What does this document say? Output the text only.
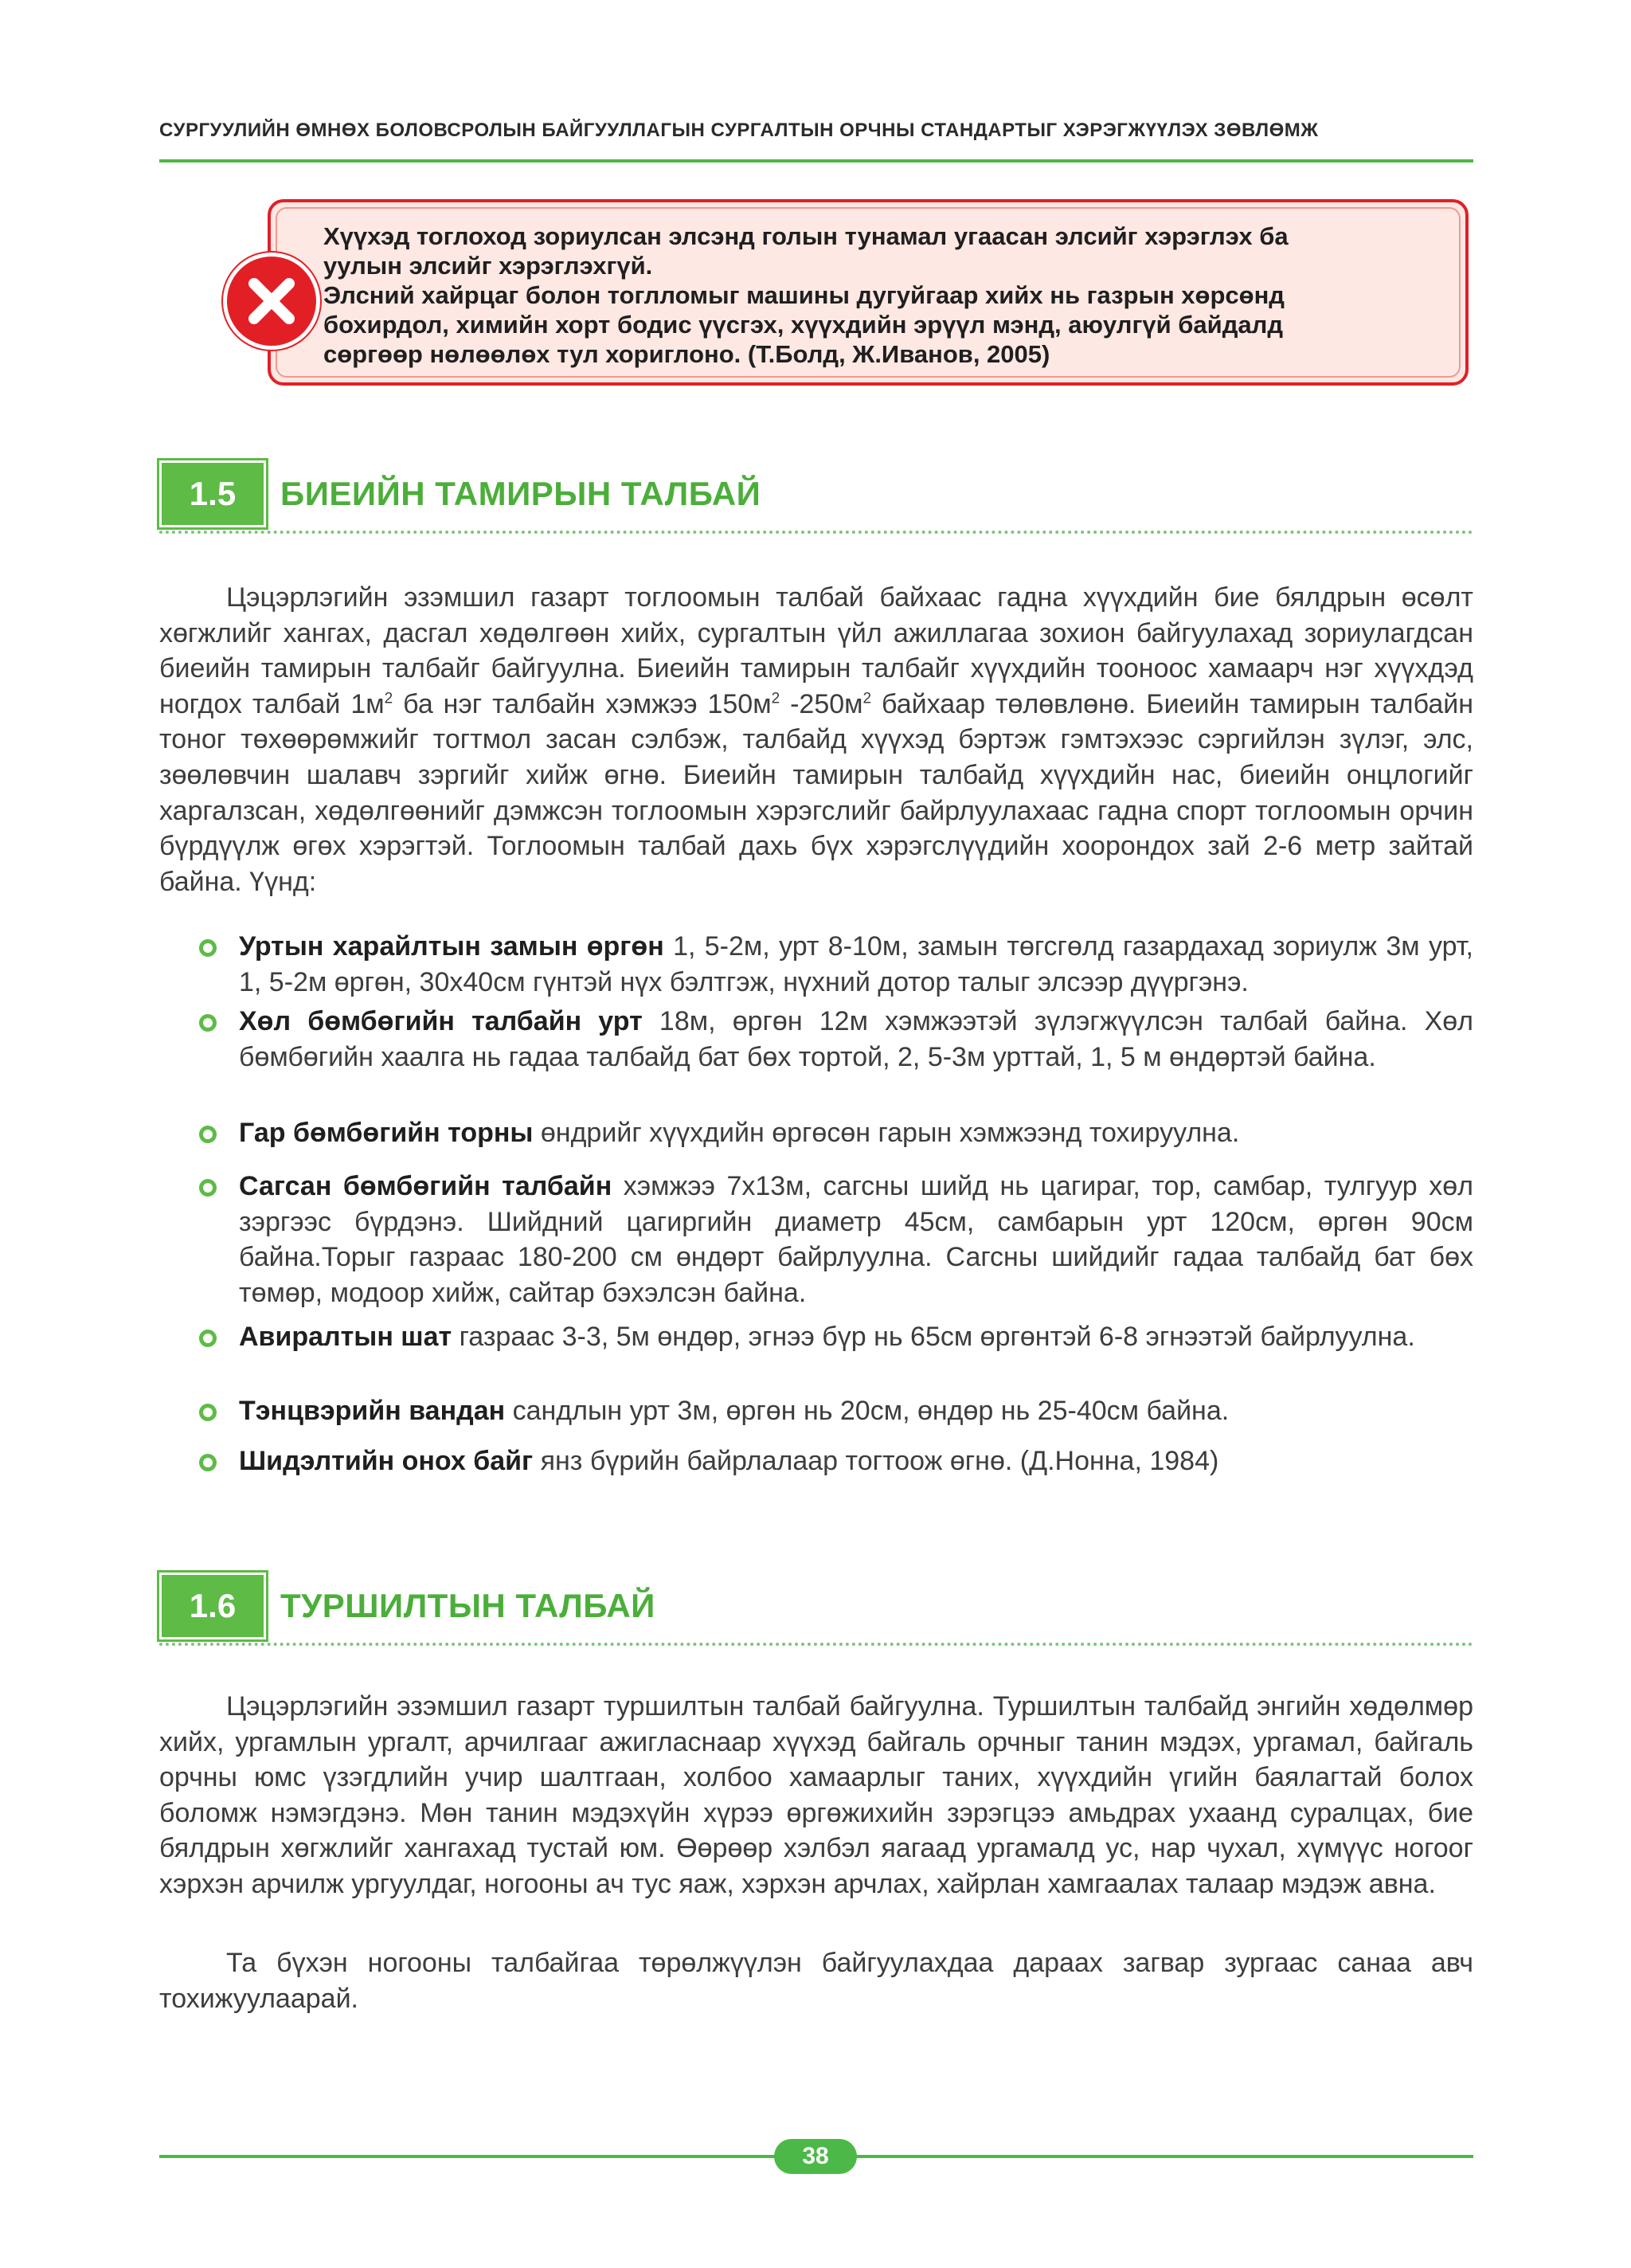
СУРГУУЛИЙН ӨМНӨХ БОЛОВСРОЛЫН БАЙГУУЛЛАГЫН СУРГАЛТЫН ОРЧНЫ СТАНДАРТЫГ ХЭРЭГЖҮҮЛЭХ ЗӨВЛӨМЖ
Хүүхэд тоглоход зориулсан элсэнд голын тунамал угаасан элсийг хэрэглэх ба
уулын элсийг хэрэглэхгүй.
Элсний хайрцаг болон тоглломыг машины дугуйгаар хийх нь газрын хөрсөнд
бохирдол, химийн хорт бодис үүсгэх, хүүхдийн эрүүл мэнд, аюулгүй байдалд
сөргөөр нөлөөлөх тул хориглоно. (Т.Болд, Ж.Иванов, 2005)
1.5	БИЕИЙН ТАМИРЫН ТАЛБАЙ
Цэцэрлэгийн эзэмшил газарт тоглоомын талбай байхаас гадна хүүхдийн бие бялдрын өсөлт хөгжлийг хангах, дасгал хөдөлгөөн хийх, сургалтын үйл ажиллагаа зохион байгуулахад зориулагдсан биеийн тамирын талбайг байгуулна. Биеийн тамирын талбайг хүүхдийн тооноос хамаарч нэг хүүхдэд ногдох талбай $1м^2$ ба нэг талбайн хэмжээ $150м^2$ $-250м^2$ байхаар төлөвлөнө. Биеийн тамирын талбайн тоног төхөөрөмжийг тогтмол засан сэлбэж, талбайд хүүхэд бэртэж гэмтэхээс сэргийлэн зүлэг, элс, зөөлөвчин шалавч зэргийг хийж өгнө. Биеийн тамирын талбайд хүүхдийн нас, биеийн онцлогийг харгалзсан, хөдөлгөөнийг дэмжсэн тоглоомын хэрэгслийг байрлуулахаас гадна спорт тоглоомын орчин бүрдүүлж өгөх хэрэгтэй. Тоглоомын талбай дахь бүх хэрэгслүүдийн хоорондох зай 2-6 метр зайтай байна. Үүнд:
Уртын харайлтын замын өргөн 1, 5-2м, урт 8-10м, замын төгсгөлд газардахад зориулж 3м урт, 1, 5-2м өргөн, 30х40см гүнтэй нүх бэлтгэж, нүхний дотор талыг элсээр дүүргэнэ.
Хөл бөмбөгийн талбайн урт 18м, өргөн 12м хэмжээтэй зүлэгжүүлсэн талбай байна. Хөл бөмбөгийн хаалга нь гадаа талбайд бат бөх тортой, 2, 5-3м урттай, 1, 5 м өндөртэй байна.
Гар бөмбөгийн торны өндрийг хүүхдийн өргөсөн гарын хэмжээнд тохируулна.
Сагсан бөмбөгийн талбайн хэмжээ 7х13м, сагсны шийд нь цагираг, тор, самбар, тулгуур хөл зэргээс бүрдэнэ. Шийдний цагиргийн диаметр 45см, самбарын урт 120см, өргөн 90см байна.Торыг газраас 180-200 см өндөрт байрлуулна. Сагсны шийдийг гадаа талбайд бат бөх төмөр, модоор хийж, сайтар бэхэлсэн байна.
Авиралтын шат газраас 3-3, 5м өндөр, эгнээ бүр нь 65см өргөнтэй 6-8 эгнээтэй байрлуулна.
Тэнцвэрийн вандан сандлын урт 3м, өргөн нь 20см, өндөр нь 25-40см байна.
Шидэлтийн онох байг янз бүрийн байрлалаар тогтоож өгнө. (Д.Нонна, 1984)
1.6	ТУРШИЛТЫН ТАЛБАЙ
Цэцэрлэгийн эзэмшил газарт туршилтын талбай байгуулна. Туршилтын талбайд энгийн хөдөлмөр хийх, ургамлын ургалт, арчилгааг ажигласнаар хүүхэд байгаль орчныг танин мэдэх, ургамал, байгаль орчны юмс үзэгдлийн учир шалтгаан, холбоо хамаарлыг таних, хүүхдийн үгийн баялагтай болох боломж нэмэгдэнэ. Мөн танин мэдэхүйн хүрээ өргөжихийн зэрэгцээ амьдрах ухаанд суралцах, бие бялдрын хөгжлийг хангахад тустай юм. Өөрөөр хэлбэл яагаад ургамалд ус, нар чухал, хүмүүс ногоог хэрхэн арчилж ургуулдаг, ногооны ач тус яаж, хэрхэн арчлах, хайрлан хамгаалах талаар мэдэж авна.
Та бүхэн ногооны талбайгаа төрөлжүүлэн байгуулахдаа дараах загвар зургаас санаа авч тохижуулаарай.
38
